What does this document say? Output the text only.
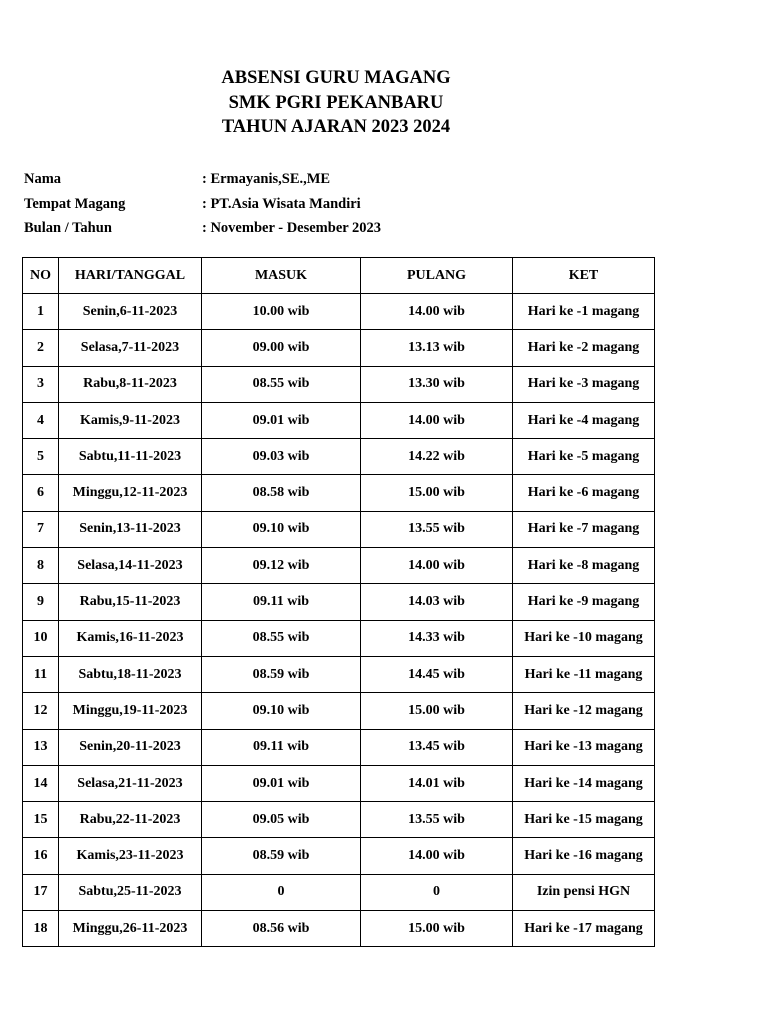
ABSENSI GURU MAGANG
SMK PGRI PEKANBARU
TAHUN AJARAN 2023 2024
Nama	: Ermayanis,SE.,ME
Tempat Magang	: PT.Asia Wisata Mandiri
Bulan / Tahun	: November - Desember 2023
NO	HARI/TANGGAL	MASUK	PULANG	KET
1	Senin,6-11-2023	10.00 wib	14.00 wib	Hari ke -1 magang
2	Selasa,7-11-2023	09.00 wib	13.13 wib	Hari ke -2 magang
3	Rabu,8-11-2023	08.55 wib	13.30 wib	Hari ke -3 magang
4	Kamis,9-11-2023	09.01 wib	14.00 wib	Hari ke -4 magang
5	Sabtu,11-11-2023	09.03 wib	14.22 wib	Hari ke -5 magang
6	Minggu,12-11-2023	08.58 wib	15.00 wib	Hari ke -6 magang
7	Senin,13-11-2023	09.10 wib	13.55 wib	Hari ke -7 magang
8	Selasa,14-11-2023	09.12 wib	14.00 wib	Hari ke -8 magang
9	Rabu,15-11-2023	09.11 wib	14.03 wib	Hari ke -9 magang
10	Kamis,16-11-2023	08.55 wib	14.33 wib	Hari ke -10 magang
11	Sabtu,18-11-2023	08.59 wib	14.45 wib	Hari ke -11 magang
12	Minggu,19-11-2023	09.10 wib	15.00 wib	Hari ke -12 magang
13	Senin,20-11-2023	09.11 wib	13.45 wib	Hari ke -13 magang
14	Selasa,21-11-2023	09.01 wib	14.01 wib	Hari ke -14 magang
15	Rabu,22-11-2023	09.05 wib	13.55 wib	Hari ke -15 magang
16	Kamis,23-11-2023	08.59 wib	14.00 wib	Hari ke -16 magang
17	Sabtu,25-11-2023	0	0	Izin pensi HGN
18	Minggu,26-11-2023	08.56 wib	15.00 wib	Hari ke -17 magang
